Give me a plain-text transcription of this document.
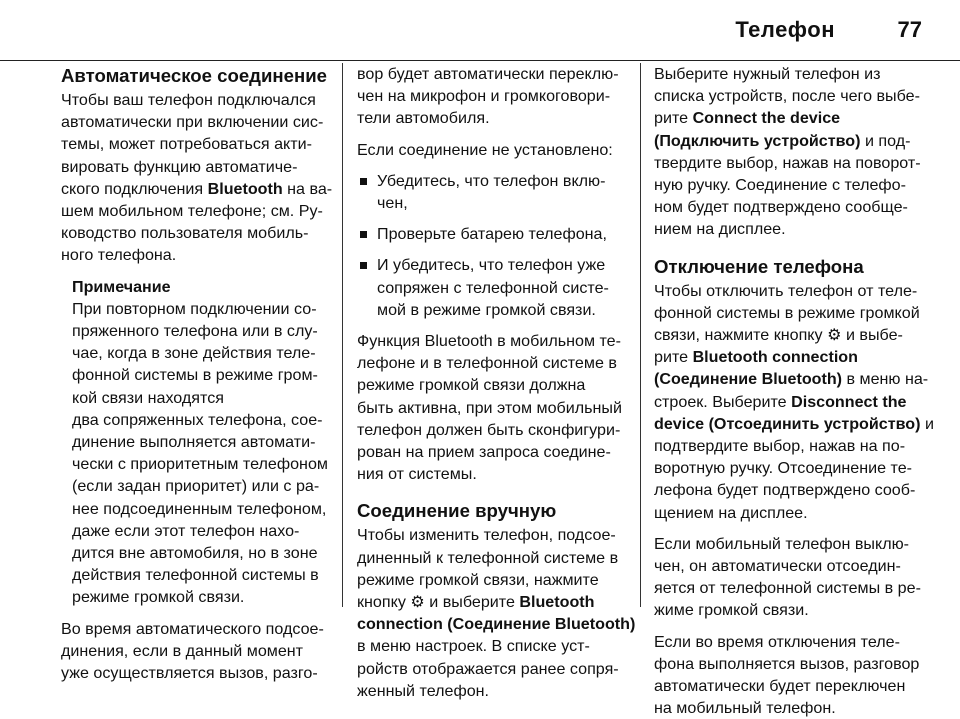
Телефон	77
Автоматическое соединение
Чтобы ваш телефон подключался
автоматически при включении сис-
темы, может потребоваться акти-
вировать функцию автоматиче-
ского подключения Bluetooth на ва-
шем мобильном телефоне; см. Ру-
ководство пользователя мобиль-
ного телефона.
Примечание
При повторном подключении со-
пряженного телефона или в слу-
чае, когда в зоне действия теле-
фонной системы в режиме гром-
кой связи находятся
два сопряженных телефона, сое-
динение выполняется автомати-
чески с приоритетным телефоном
(если задан приоритет) или с ра-
нее подсоединенным телефоном,
даже если этот телефон нахо-
дится вне автомобиля, но в зоне
действия телефонной системы в
режиме громкой связи.
Во время автоматического подсое-
динения, если в данный момент
уже осуществляется вызов, разго-
вор будет автоматически переклю-
чен на микрофон и громкоговори-
тели автомобиля.
Если соединение не установлено:
Убедитесь, что телефон вклю-
чен,
Проверьте батарею телефона,
И убедитесь, что телефон уже
сопряжен с телефонной систе-
мой в режиме громкой связи.
Функция Bluetooth в мобильном те-
лефоне и в телефонной системе в
режиме громкой связи должна
быть активна, при этом мобильный
телефон должен быть сконфигури-
рован на прием запроса соедине-
ния от системы.
Соединение вручную
Чтобы изменить телефон, подсое-
диненный к телефонной системе в
режиме громкой связи, нажмите
кнопку ⚙ и выберите Bluetooth
connection (Соединение Bluetooth)
в меню настроек. В списке уст-
ройств отображается ранее сопря-
женный телефон.
Выберите нужный телефон из
списка устройств, после чего выбе-
рите Connect the device
(Подключить устройство) и под-
твердите выбор, нажав на поворот-
ную ручку. Соединение с телефо-
ном будет подтверждено сообще-
нием на дисплее.
Отключение телефона
Чтобы отключить телефон от теле-
фонной системы в режиме громкой
связи, нажмите кнопку ⚙ и выбе-
рите Bluetooth connection
(Соединение Bluetooth) в меню на-
строек. Выберите Disconnect the
device (Отсоединить устройство) и
подтвердите выбор, нажав на по-
воротную ручку. Отсоединение те-
лефона будет подтверждено сооб-
щением на дисплее.
Если мобильный телефон выклю-
чен, он автоматически отсоедин-
яется от телефонной системы в ре-
жиме громкой связи.
Если во время отключения теле-
фона выполняется вызов, разговор
автоматически будет переключен
на мобильный телефон.
